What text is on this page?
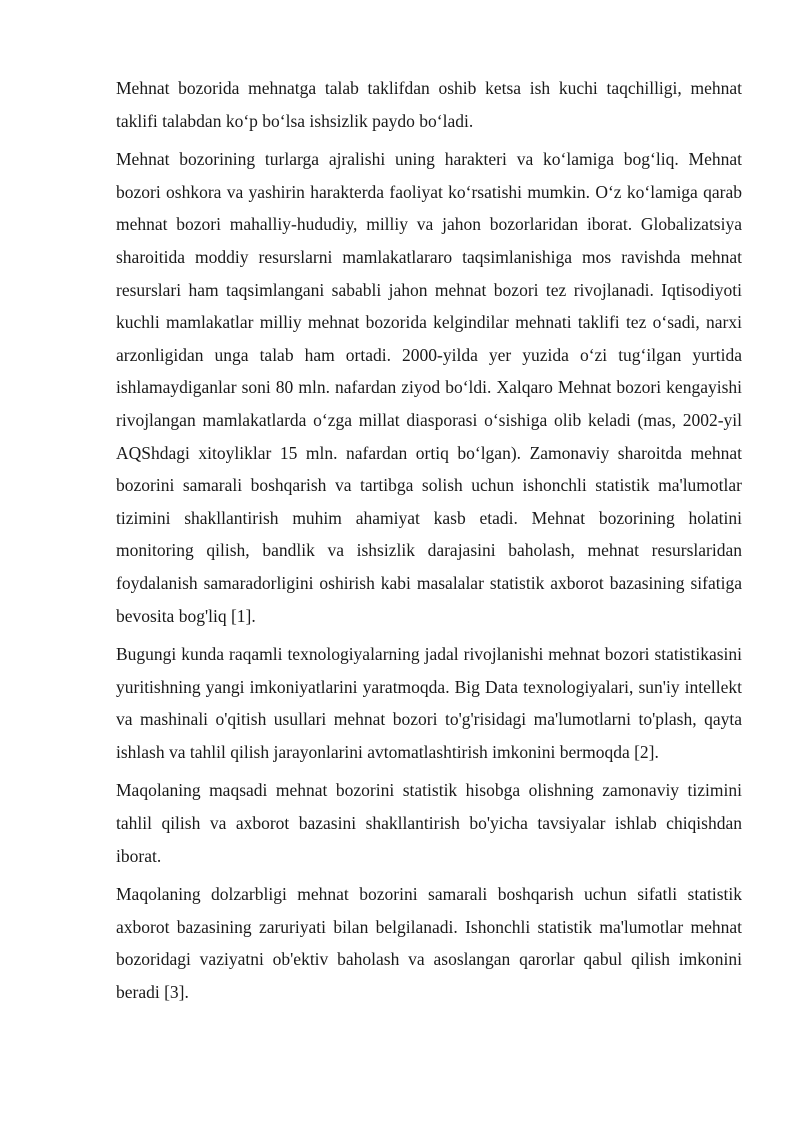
Mehnat bozorida mehnatga talab taklifdan oshib ketsa ish kuchi taqchilligi, mehnat taklifi talabdan ko‘p bo‘lsa ishsizlik paydo bo‘ladi.

Mehnat bozorining turlarga ajralishi uning harakteri va ko‘lamiga bog‘liq. Mehnat bozori oshkora va yashirin harakterda faoliyat ko‘rsatishi mumkin. O‘z ko‘lamiga qarab mehnat bozori mahalliy-hududiy, milliy va jahon bozorlaridan iborat. Globalizatsiya sharoitida moddiy resurslarni mamlakatlararo taqsimlanishiga mos ravishda mehnat resurslari ham taqsimlangani sababli jahon mehnat bozori tez rivojlanadi. Iqtisodiyoti kuchli mamlakatlar milliy mehnat bozorida kelgindilar mehnati taklifi tez o‘sadi, narxi arzonligidan unga talab ham ortadi. 2000-yilda yer yuzida o‘zi tug‘ilgan yurtida ishlamaydiganlar soni 80 mln. nafardan ziyod bo‘ldi. Xalqaro Mehnat bozori kengayishi rivojlangan mamlakatlarda o‘zga millat diasporasi o‘sishiga olib keladi (mas, 2002-yil AQShdagi xitoyliklar 15 mln. nafardan ortiq bo‘lgan). Zamonaviy sharoitda mehnat bozorini samarali boshqarish va tartibga solish uchun ishonchli statistik ma'lumotlar tizimini shakllantirish muhim ahamiyat kasb etadi. Mehnat bozorining holatini monitoring qilish, bandlik va ishsizlik darajasini baholash, mehnat resurslaridan foydalanish samaradorligini oshirish kabi masalalar statistik axborot bazasining sifatiga bevosita bog'liq [1].

Bugungi kunda raqamli texnologiyalarning jadal rivojlanishi mehnat bozori statistikasini yuritishning yangi imkoniyatlarini yaratmoqda. Big Data texnologiyalari, sun'iy intellekt va mashinali o'qitish usullari mehnat bozori to'g'risidagi ma'lumotlarni to'plash, qayta ishlash va tahlil qilish jarayonlarini avtomatlashtirish imkonini bermoqda [2].

Maqolaning maqsadi mehnat bozorini statistik hisobga olishning zamonaviy tizimini tahlil qilish va axborot bazasini shakllantirish bo'yicha tavsiyalar ishlab chiqishdan iborat.

Maqolaning dolzarbligi mehnat bozorini samarali boshqarish uchun sifatli statistik axborot bazasining zaruriyati bilan belgilanadi. Ishonchli statistik ma'lumotlar mehnat bozoridagi vaziyatni ob'ektiv baholash va asoslangan qarorlar qabul qilish imkonini beradi [3].
